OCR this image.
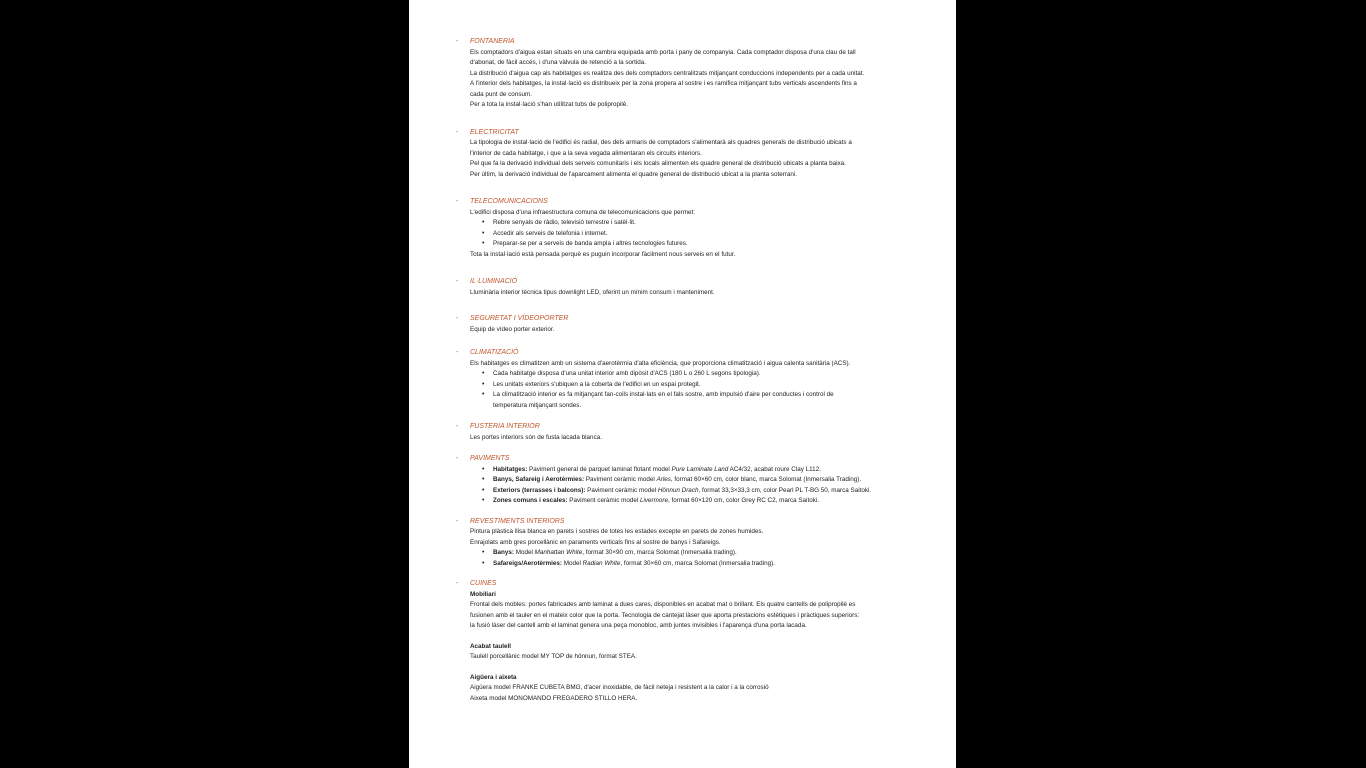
- FONTANERIA
Els comptadors d'aigua estan situats en una cambra equipada amb porta i pany de companyia. Cada comptador disposa d'una clau de tall
d'abonat, de fàcil accés, i d'una vàlvula de retenció a la sortida.
La distribució d'aigua cap als habitatges es realitza des dels comptadors centralitzats mitjançant conduccions independents per a cada unitat.
A l'interior dels habitatges, la instal·lació es distribueix per la zona propera al sostre i es ramifica mitjançant tubs verticals ascendents fins a
cada punt de consum.
Per a tota la instal·lació s'han utilitzat tubs de polipropilè.
- ELECTRICITAT
La tipologia de instal·lació de l'edifici és radial, des dels armaris de comptadors s'alimentarà als quadres generals de distribució ubicats a
l'interior de cada habitatge, i que a la seva vegada alimentaran els circuits interiors.
Pel que fa la derivació individual dels serveis comunitaris i els locals alimenten els quadre general de distribució ubicats a planta baixa.
Per últim, la derivació individual de l'aparcament alimenta el quadre general de distribució ubicat a la planta soterrani.
- TELECOMUNICACIONS
L'edifici disposa d'una infraestructura comuna de telecomunicacions que permet:
• Rebre senyals de ràdio, televisió terrestre i satèl·lit.
• Accedir als serveis de telefonia i internet.
• Preparar-se per a serveis de banda ampla i altres tecnologies futures.
Tota la instal·lació està pensada perquè es puguin incorporar fàcilment nous serveis en el futur.
- IL·LUMINACIÓ
Lluminària interior tècnica tipus downlight LED, oferint un mínim consum i manteniment.
- SEGURETAT I VÍDEOPORTER
Equip de vídeo porter exterior.
- CLIMATIZACIÓ
Els habitatges es climatitzen amb un sistema d'aerotèrmia d'alta eficiència, que proporciona climatització i aigua calenta sanitària (ACS).
• Cada habitatge disposa d'una unitat interior amb dipòsit d'ACS (180 L o 260 L segons tipologia).
• Les unitats exteriors s'ubiquen a la coberta de l'edifici en un espai protegit.
• La climatització interior es fa mitjançant fan-coils instal·lats en el fals sostre, amb impulsió d'aire per conductes i control de
temperatura mitjançant sondes.
- FUSTERIA INTERIOR
Les portes interiors són de fusta lacada blanca.
- PAVIMENTS
• Habitatges: Paviment general de parquet laminat flotant model Pure Laminate Land AC4/32, acabat roure Clay L112.
• Banys, Safareig i Aerotèrmies: Paviment ceràmic model Arles, format 60×60 cm, color blanc, marca Solomat (Inmersalia Trading).
• Exteriors (terrasses i balcons): Paviment ceràmic model Hönnun Drach, format 33,3×33,3 cm, color Pearl PL T-BG 50, marca Saitoki.
• Zones comuns i escales: Paviment ceràmic model Livermore, format 60×120 cm, color Grey RC C2, marca Saitoki.
- REVESTIMENTS INTERIORS
Pintura plàstica llisa blanca en parets i sostres de totes les estades excepte en parets de zones humides.
Enrajolats amb gres porcellànic en paraments verticals fins al sostre de banys i Safareigs.
• Banys: Model Manhattan White, format 30×90 cm, marca Solomat (Inmersalia trading).
• Safareigs/Aerotèrmies: Model Radian White, format 30×60 cm, marca Solomat (Inmersalia trading).
- CUINES
Mobiliari
Frontal dels mobles: portes fabricades amb laminat a dues cares, disponibles en acabat mat o brillant. Els quatre cantells de polipropilè es
fusionen amb el tauler en el mateix color que la porta. Tecnologia de cantejat làser que aporta prestacions estètiques i pràctiques superiors:
la fusió làser del cantell amb el laminat genera una peça monobloc, amb juntes invisibles i l'aparença d'una porta lacada.
Acabat taulell
Taulell porcellànic model MY TOP de hönnun, format STEA.
Aigüera i aixeta
Aigüera model FRANKE CUBETA BMG, d'acer inoxidable, de fàcil neteja i resistent a la calor i a la corrosió
Aixeta model MONOMANDO FREGADERO STILLO HERA.
